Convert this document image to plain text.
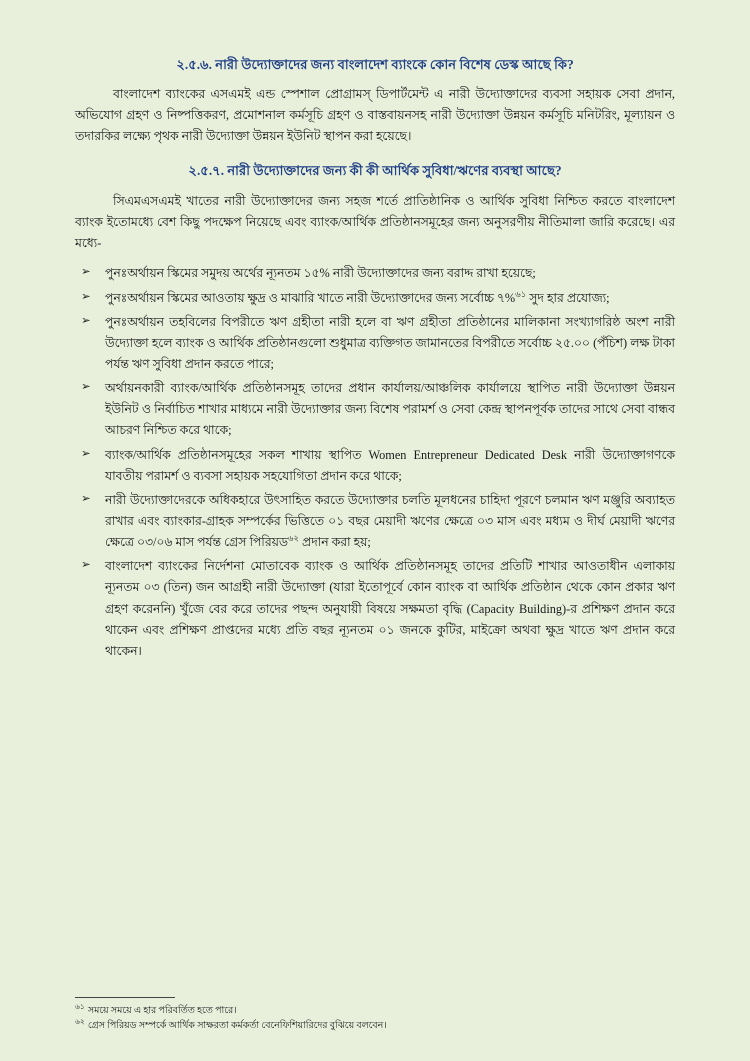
২.৫.৬. নারী উদ্যোক্তাদের জন্য বাংলাদেশ ব্যাংকে কোন বিশেষ ডেস্ক আছে কি?

বাংলাদেশ ব্যাংকের এসএমই এন্ড স্পেশাল প্রোগ্রামস্ ডিপার্টমেন্ট এ নারী উদ্যোক্তাদের ব্যবসা সহায়ক সেবা প্রদান, অভিযোগ গ্রহণ ও নিষ্পত্তিকরণ, প্রমোশনাল কর্মসূচি গ্রহণ ও বাস্তবায়নসহ নারী উদ্যোক্তা উন্নয়ন কর্মসূচি মনিটরিং, মূল্যায়ন ও তদারকির লক্ষ্যে পৃথক নারী উদ্যোক্তা উন্নয়ন ইউনিট স্থাপন করা হয়েছে।

২.৫.৭. নারী উদ্যোক্তাদের জন্য কী কী আর্থিক সুবিধা/ঋণের ব্যবস্থা আছে?

সিএমএসএমই খাতের নারী উদ্যোক্তাদের জন্য সহজ শর্তে প্রাতিষ্ঠানিক ও আর্থিক সুবিধা নিশ্চিত করতে বাংলাদেশ ব্যাংক ইতোমধ্যে বেশ কিছু পদক্ষেপ নিয়েছে এবং ব্যাংক/আর্থিক প্রতিষ্ঠানসমূহের জন্য অনুসরণীয় নীতিমালা জারি করেছে। এর মধ্যে-

➢ পুনঃঅর্থায়ন স্কিমের সমুদয় অর্থের ন্যূনতম ১৫% নারী উদ্যোক্তাদের জন্য বরাদ্দ রাখা হয়েছে;
➢ পুনঃঅর্থায়ন স্কিমের আওতায় ক্ষুদ্র ও মাঝারি খাতে নারী উদ্যোক্তাদের জন্য সর্বোচ্চ ৭%$^{৬১}$ সুদ হার প্রযোজ্য;
➢ পুনঃঅর্থায়ন তহবিলের বিপরীতে ঋণ গ্রহীতা নারী হলে বা ঋণ গ্রহীতা প্রতিষ্ঠানের মালিকানা সংখ্যাগরিষ্ঠ অংশ নারী উদ্যোক্তা হলে ব্যাংক ও আর্থিক প্রতিষ্ঠানগুলো শুধুমাত্র ব্যক্তিগত জামানতের বিপরীতে সর্বোচ্চ ২৫.০০ (পঁচিশ) লক্ষ টাকা পর্যন্ত ঋণ সুবিধা প্রদান করতে পারে;
➢ অর্থায়নকারী ব্যাংক/আর্থিক প্রতিষ্ঠানসমূহ তাদের প্রধান কার্যালয়/আঞ্চলিক কার্যালয়ে স্থাপিত নারী উদ্যোক্তা উন্নয়ন ইউনিট ও নির্বাচিত শাখার মাধ্যমে নারী উদ্যোক্তার জন্য বিশেষ পরামর্শ ও সেবা কেন্দ্র স্থাপনপূর্বক তাদের সাথে সেবা বান্ধব আচরণ নিশ্চিত করে থাকে;
➢ ব্যাংক/আর্থিক প্রতিষ্ঠানসমূহের সকল শাখায় স্থাপিত Women Entrepreneur Dedicated Desk নারী উদ্যোক্তাগণকে যাবতীয় পরামর্শ ও ব্যবসা সহায়ক সহযোগিতা প্রদান করে থাকে;
➢ নারী উদ্যোক্তাদেরকে অধিকহারে উৎসাহিত করতে উদ্যোক্তার চলতি মূলধনের চাহিদা পূরণে চলমান ঋণ মঞ্জুরি অব্যাহত রাখার এবং ব্যাংকার-গ্রাহক সম্পর্কের ভিত্তিতে ০১ বছর মেয়াদী ঋণের ক্ষেত্রে ০৩ মাস এবং মধ্যম ও দীর্ঘ মেয়াদী ঋণের ক্ষেত্রে ০৩/০৬ মাস পর্যন্ত গ্রেস পিরিয়ড$^{৬২}$ প্রদান করা হয়;
➢ বাংলাদেশ ব্যাংকের নির্দেশনা মোতাবেক ব্যাংক ও আর্থিক প্রতিষ্ঠানসমূহ তাদের প্রতিটি শাখার আওতাধীন এলাকায় ন্যূনতম ০৩ (তিন) জন আগ্রহী নারী উদ্যোক্তা (যারা ইতোপূর্বে কোন ব্যাংক বা আর্থিক প্রতিষ্ঠান থেকে কোন প্রকার ঋণ গ্রহণ করেননি) খুঁজে বের করে তাদের পছন্দ অনুযায়ী বিষয়ে সক্ষমতা বৃদ্ধি (Capacity Building)-র প্রশিক্ষণ প্রদান করে থাকেন এবং প্রশিক্ষণ প্রাপ্তদের মধ্যে প্রতি বছর ন্যূনতম ০১ জনকে কুটির, মাইক্রো অথবা ক্ষুদ্র খাতে ঋণ প্রদান করে থাকেন।

$^{৬১}$ সময়ে সময়ে এ হার পরিবর্তিত হতে পারে।

$^{৬২}$ গ্রেস পিরিয়ড সম্পর্কে আর্থিক সাক্ষরতা কর্মকর্তা বেনেফিশিয়ারিদের বুঝিয়ে বলবেন।
